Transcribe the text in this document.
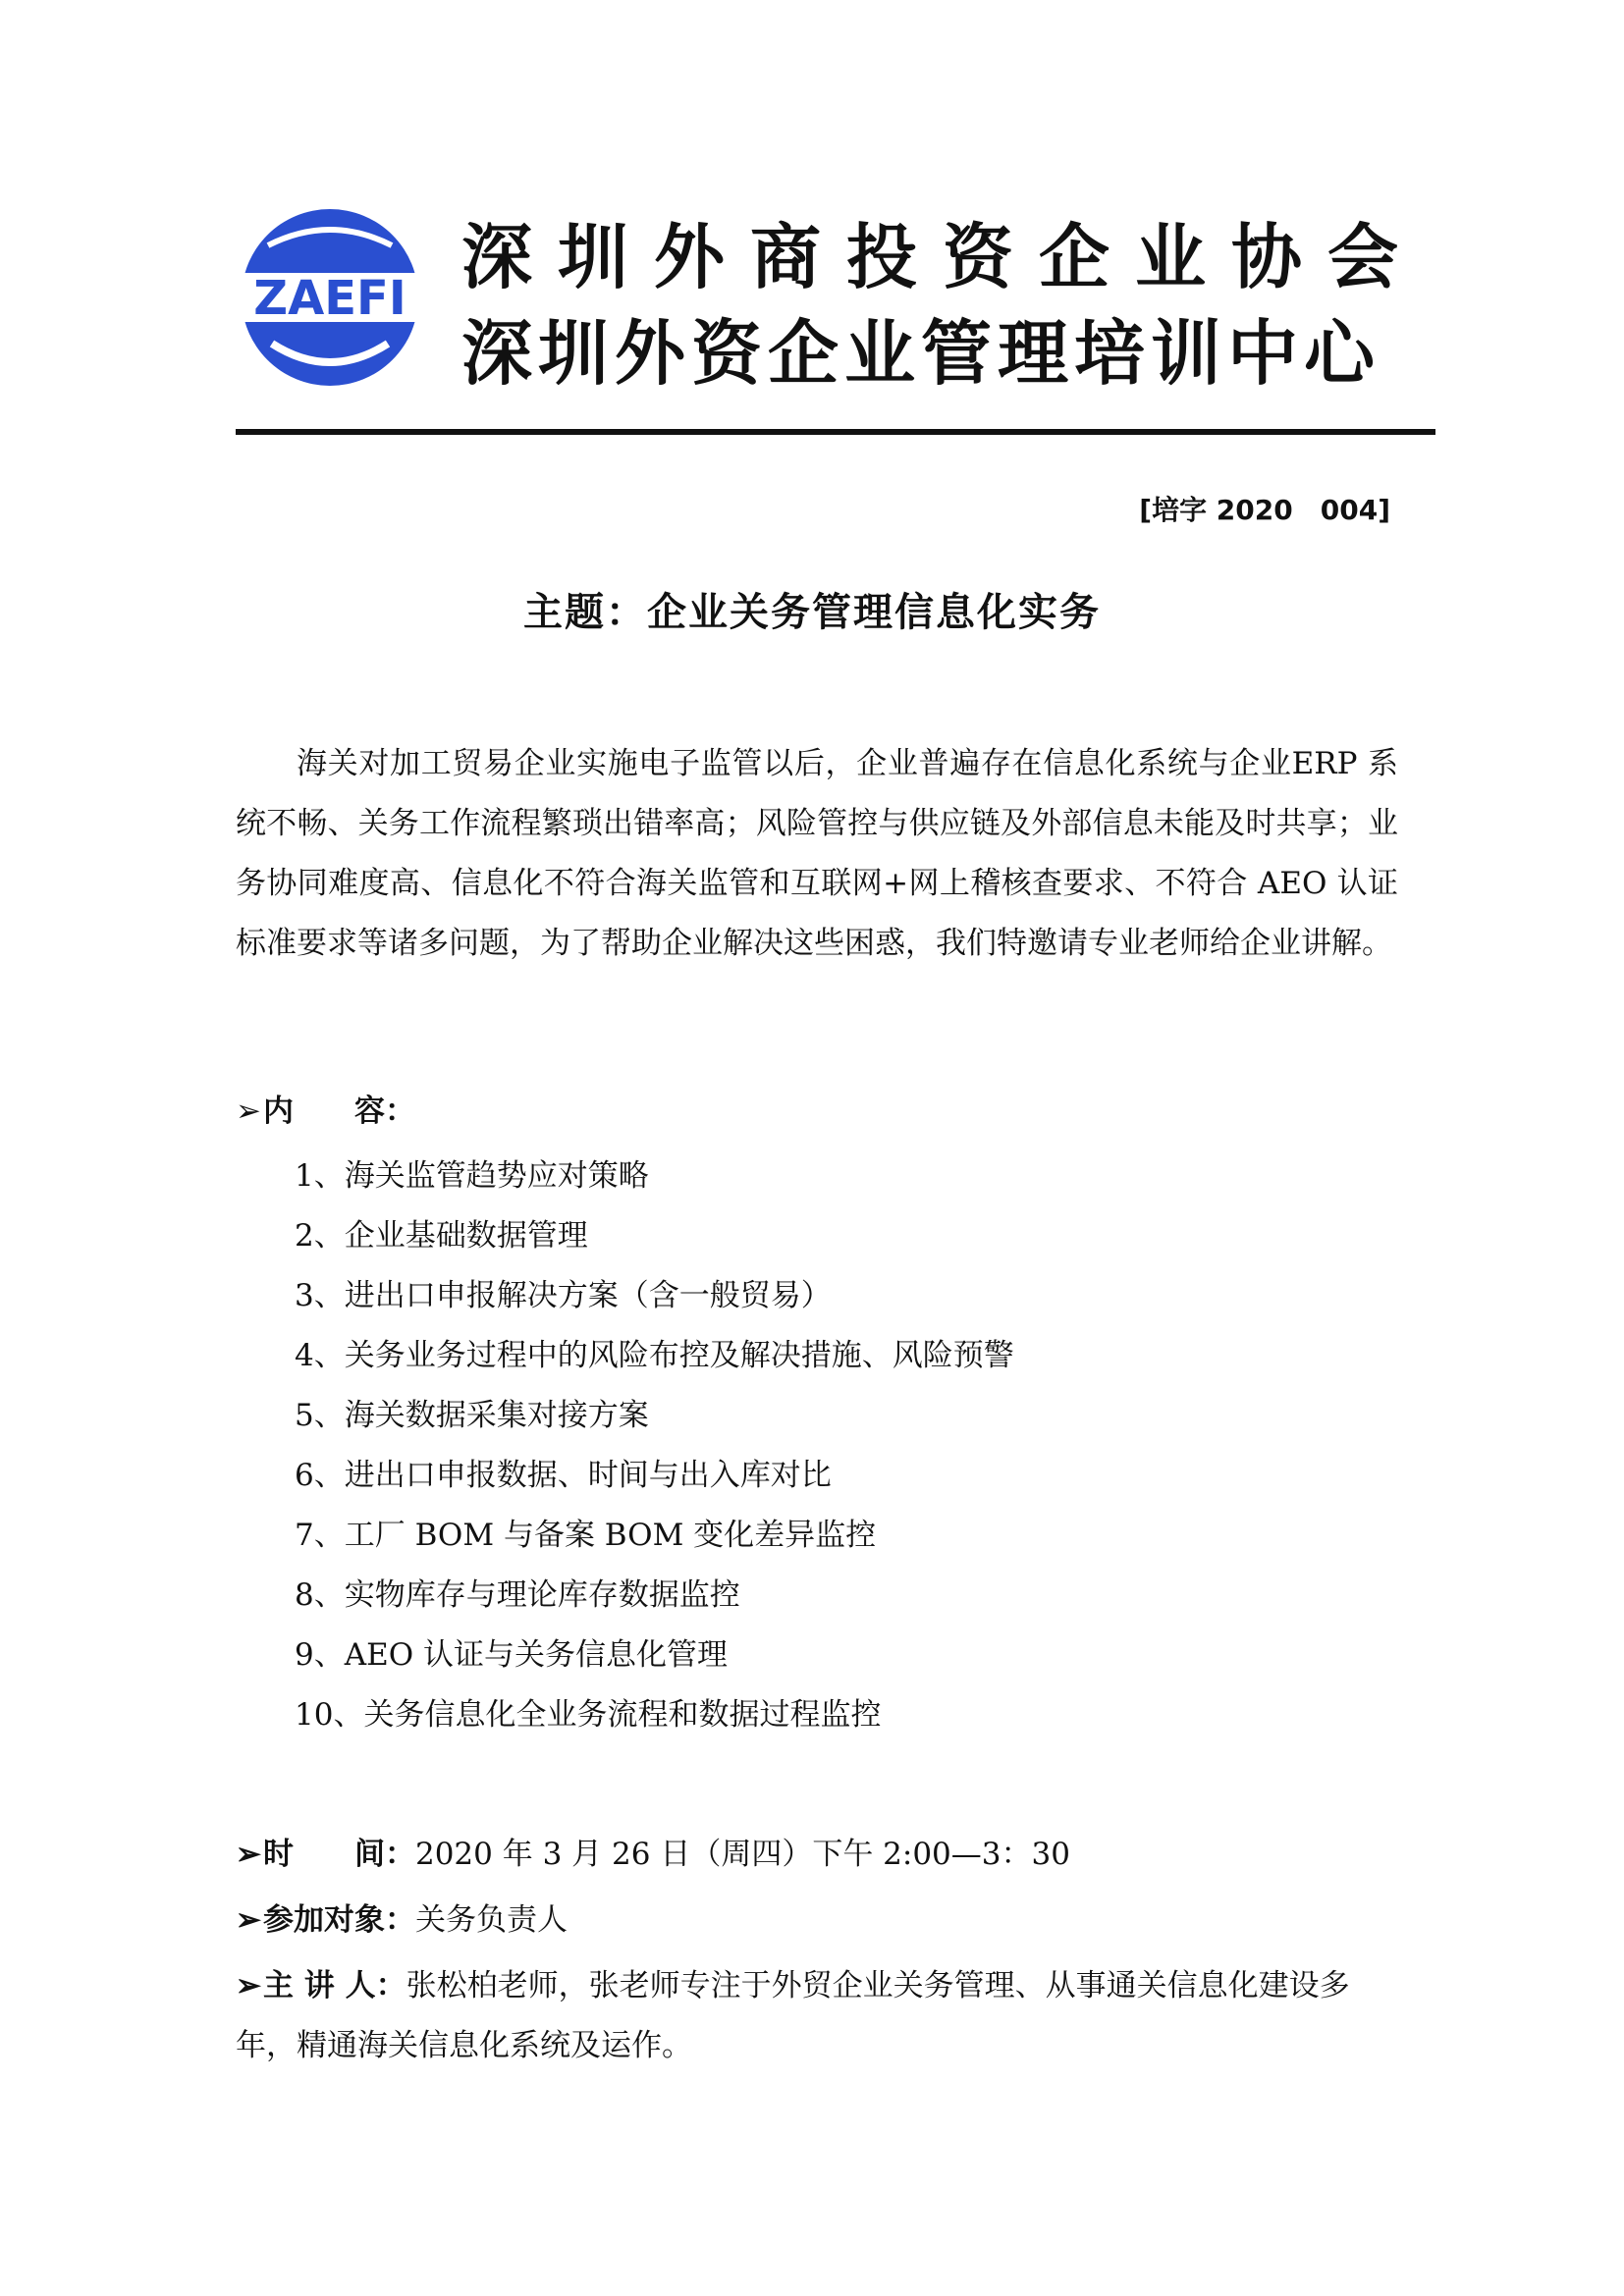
ZAEFI 深圳外商投资企业协会
深圳外资企业管理培训中心
[培字 2020　004]
主题：企业关务管理信息化实务
海关对加工贸易企业实施电子监管以后，企业普遍存在信息化系统与企业ERP 系统不畅、关务工作流程繁琐出错率高；风险管控与供应链及外部信息未能及时共享；业务协同难度高、信息化不符合海关监管和互联网+网上稽核查要求、不符合 AEO 认证标准要求等诸多问题，为了帮助企业解决这些困惑，我们特邀请专业老师给企业讲解。
➢内　　容：
1、海关监管趋势应对策略
2、企业基础数据管理
3、进出口申报解决方案（含一般贸易）
4、关务业务过程中的风险布控及解决措施、风险预警
5、海关数据采集对接方案
6、进出口申报数据、时间与出入库对比
7、工厂 BOM 与备案 BOM 变化差异监控
8、实物库存与理论库存数据监控
9、AEO 认证与关务信息化管理
10、关务信息化全业务流程和数据过程监控
➢时　　间：2020 年 3 月 26 日（周四）下午 2:00—3：30
➢参加对象：关务负责人
➢主 讲 人：张松柏老师，张老师专注于外贸企业关务管理、从事通关信息化建设多年，精通海关信息化系统及运作。
